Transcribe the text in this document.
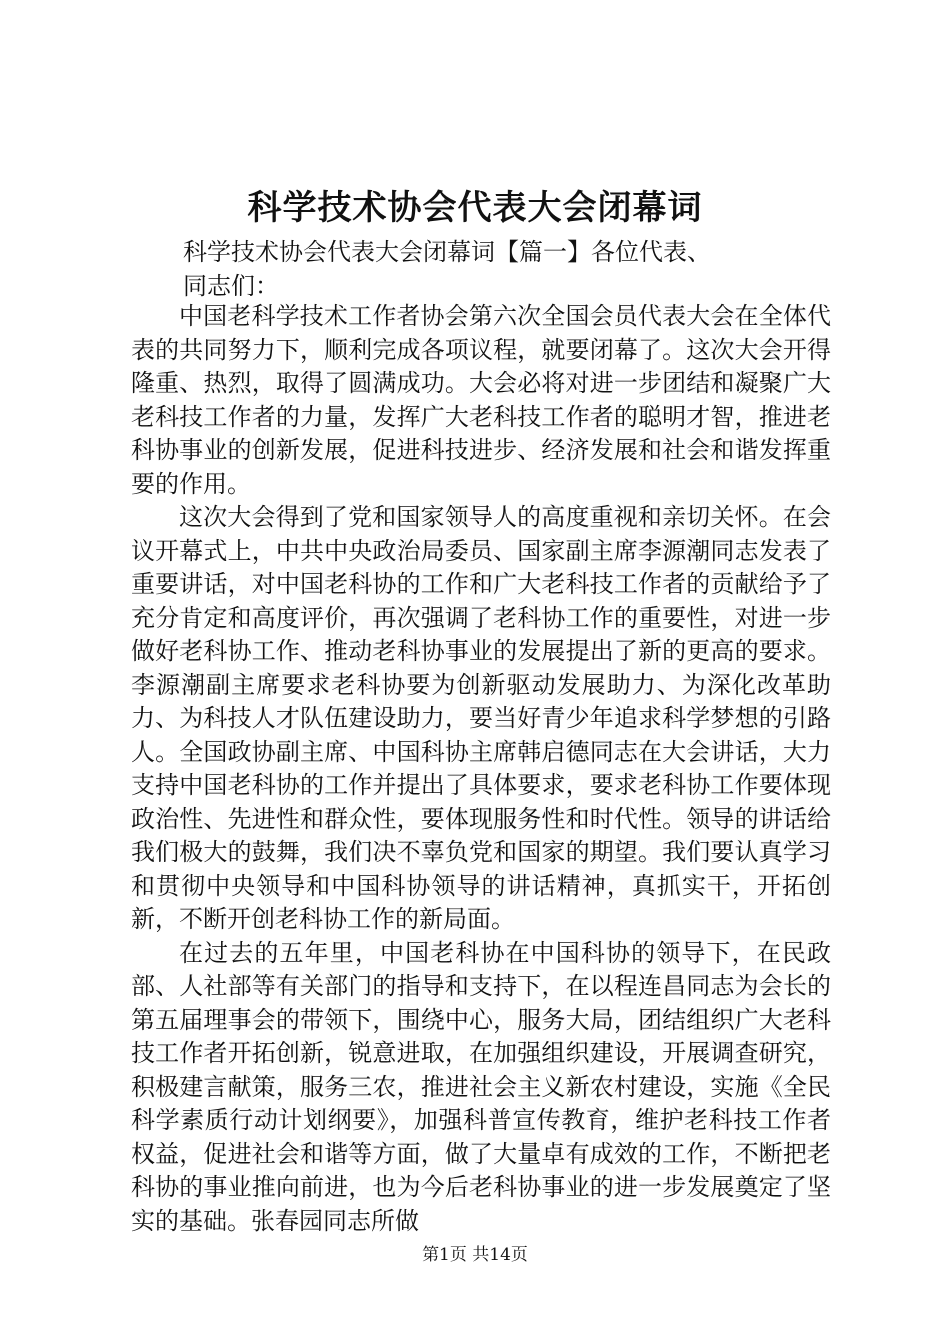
科学技术协会代表大会闭幕词
科学技术协会代表大会闭幕词【篇一】各位代表、
同志们：

中国老科学技术工作者协会第六次全国会员代表大会在全体代表的共同努力下，顺利完成各项议程，就要闭幕了。这次大会开得隆重、热烈，取得了圆满成功。大会必将对进一步团结和凝聚广大老科技工作者的力量，发挥广大老科技工作者的聪明才智，推进老科协事业的创新发展，促进科技进步、经济发展和社会和谐发挥重要的作用。

这次大会得到了党和国家领导人的高度重视和亲切关怀。在会议开幕式上，中共中央政治局委员、国家副主席李源潮同志发表了重要讲话，对中国老科协的工作和广大老科技工作者的贡献给予了充分肯定和高度评价，再次强调了老科协工作的重要性，对进一步做好老科协工作、推动老科协事业的发展提出了新的更高的要求。李源潮副主席要求老科协要为创新驱动发展助力、为深化改革助力、为科技人才队伍建设助力，要当好青少年追求科学梦想的引路人。全国政协副主席、中国科协主席韩启德同志在大会讲话，大力支持中国老科协的工作并提出了具体要求，要求老科协工作要体现政治性、先进性和群众性，要体现服务性和时代性。领导的讲话给我们极大的鼓舞，我们决不辜负党和国家的期望。我们要认真学习和贯彻中央领导和中国科协领导的讲话精神，真抓实干，开拓创新，不断开创老科协工作的新局面。

在过去的五年里，中国老科协在中国科协的领导下，在民政部、人社部等有关部门的指导和支持下，在以程连昌同志为会长的第五届理事会的带领下，围绕中心，服务大局，团结组织广大老科技工作者开拓创新，锐意进取，在加强组织建设，开展调查研究，积极建言献策，服务三农，推进社会主义新农村建设，实施《全民科学素质行动计划纲要》，加强科普宣传教育，维护老科技工作者权益，促进社会和谐等方面，做了大量卓有成效的工作，不断把老科协的事业推向前进，也为今后老科协事业的进一步发展奠定了坚实的基础。张春园同志所做

第1页 共14页
